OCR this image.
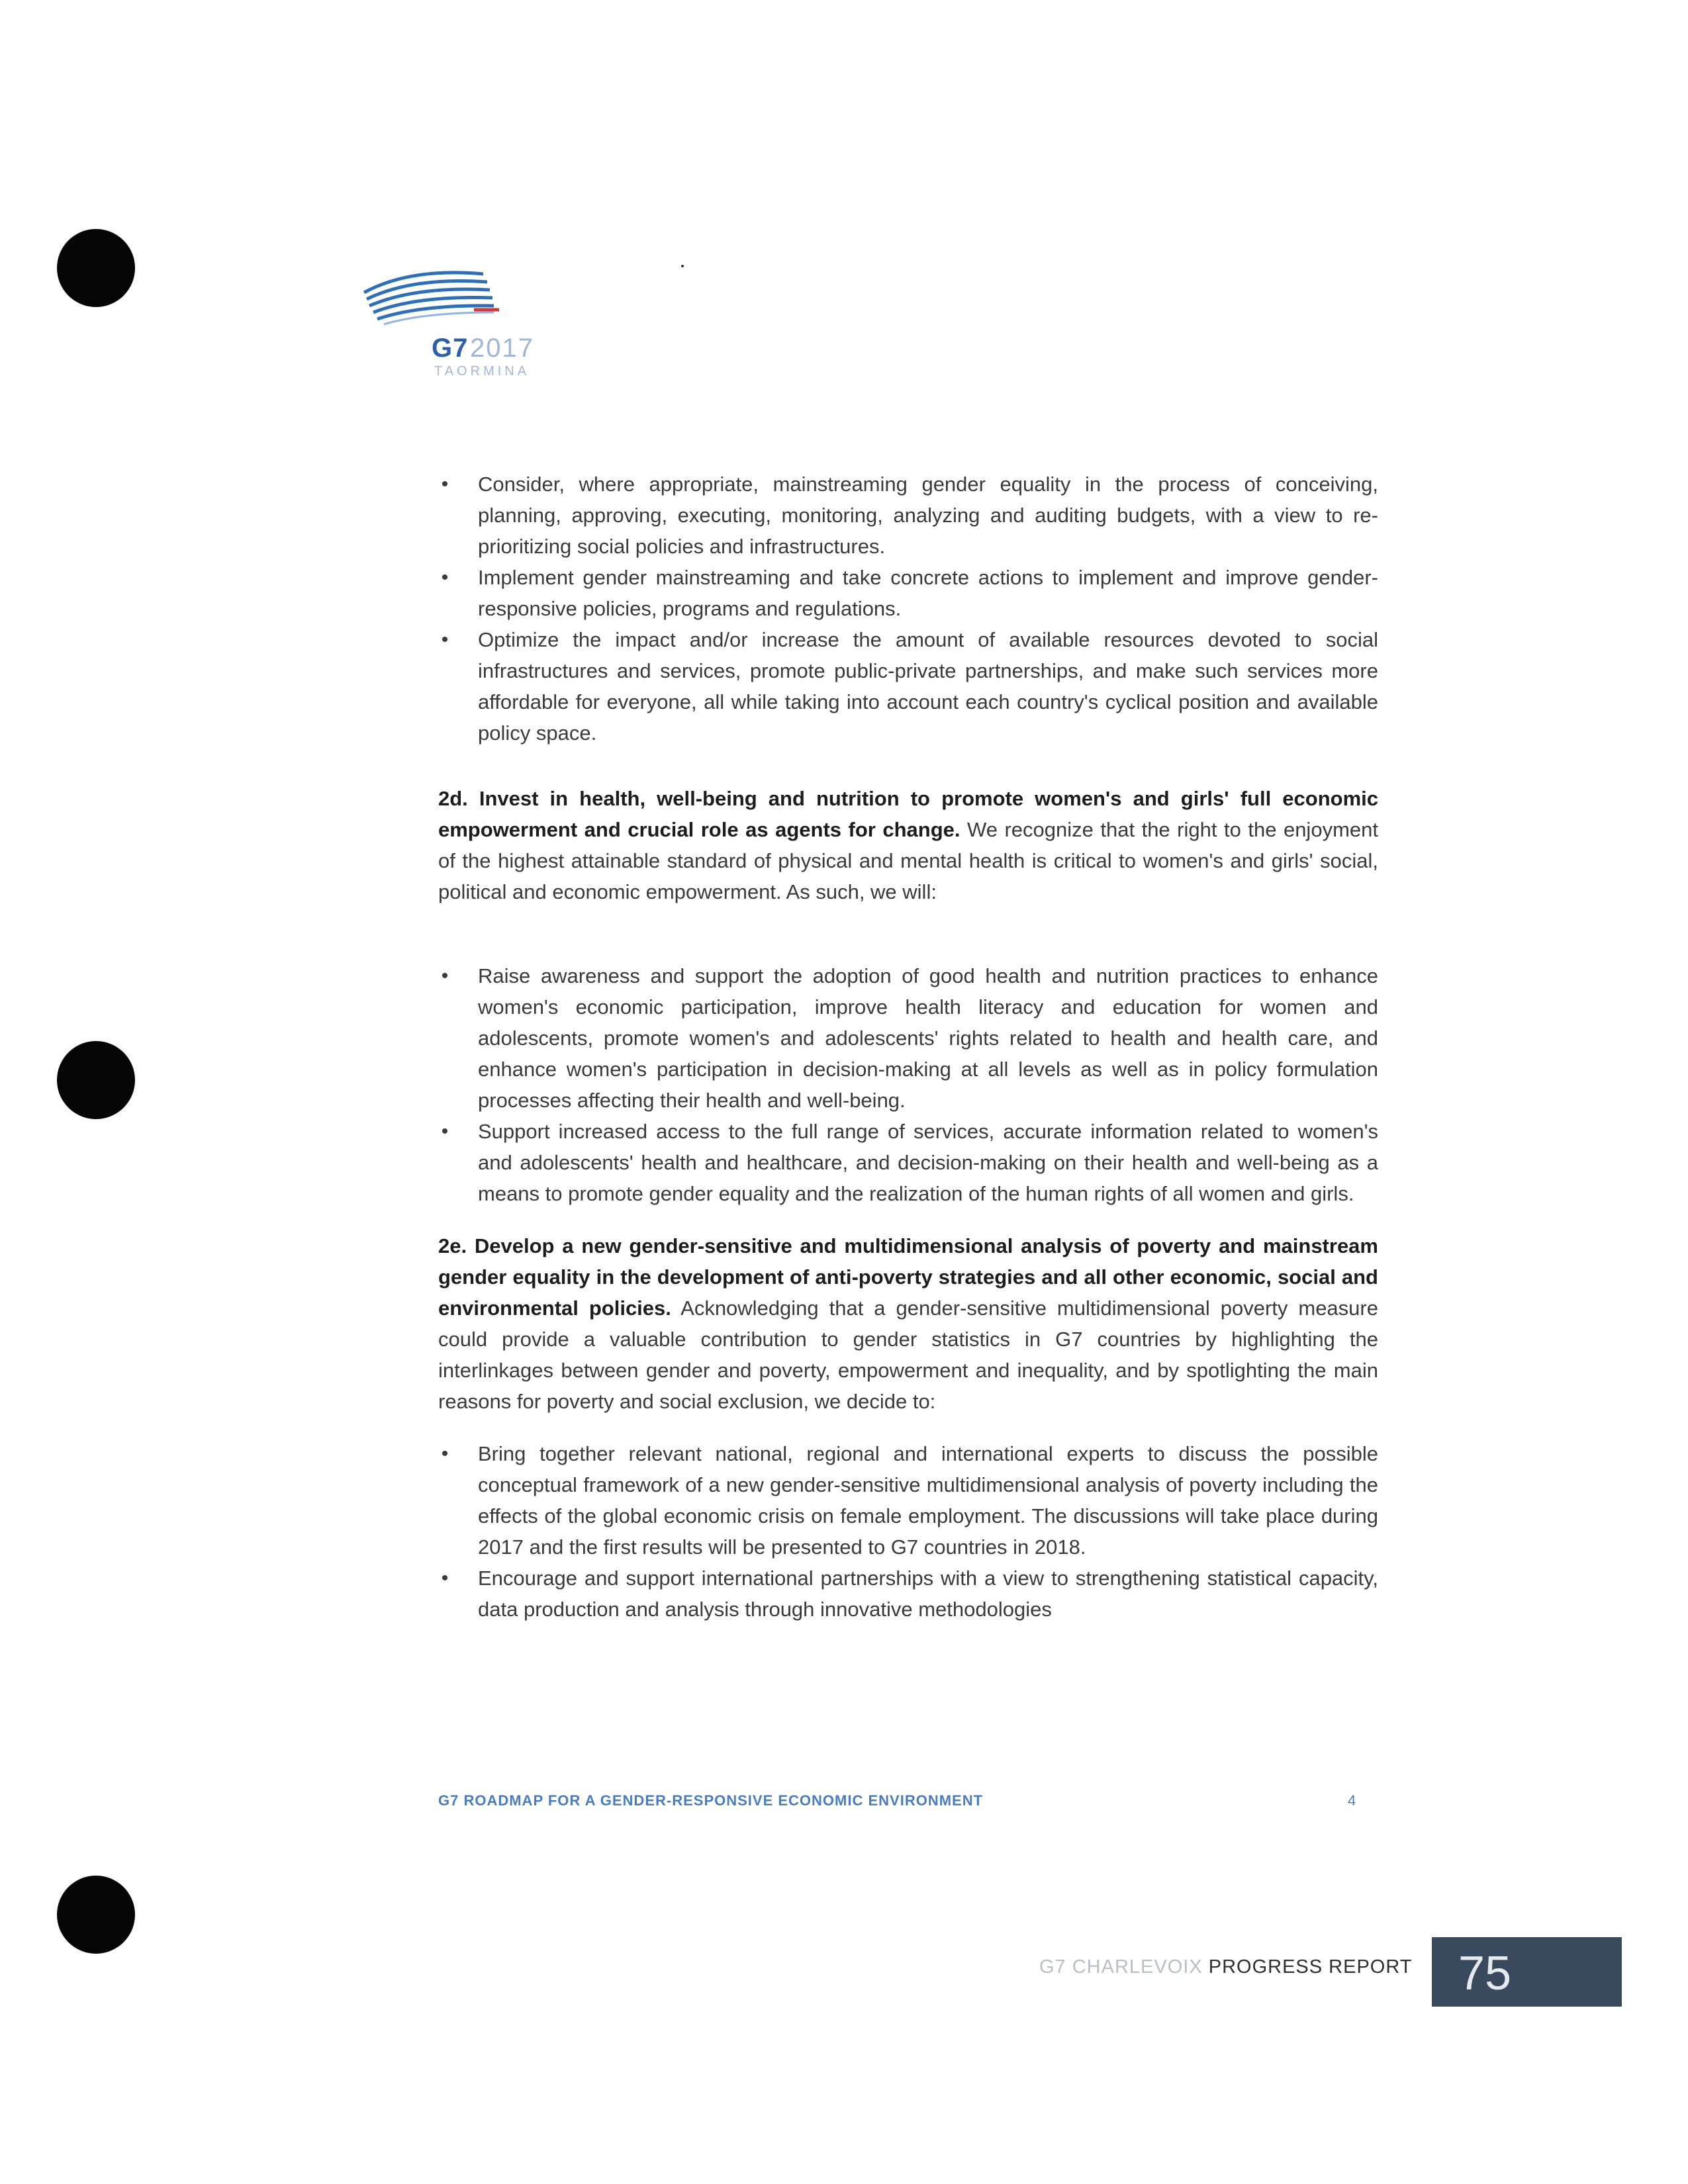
G7 2017
TAORMINA
• Consider, where appropriate, mainstreaming gender equality in the process of conceiving, planning, approving, executing, monitoring, analyzing and auditing budgets, with a view to re-prioritizing social policies and infrastructures.
• Implement gender mainstreaming and take concrete actions to implement and improve gender-responsive policies, programs and regulations.
• Optimize the impact and/or increase the amount of available resources devoted to social infrastructures and services, promote public-private partnerships, and make such services more affordable for everyone, all while taking into account each country's cyclical position and available policy space.

2d. Invest in health, well-being and nutrition to promote women's and girls' full economic empowerment and crucial role as agents for change. We recognize that the right to the enjoyment of the highest attainable standard of physical and mental health is critical to women's and girls' social, political and economic empowerment. As such, we will:

• Raise awareness and support the adoption of good health and nutrition practices to enhance women's economic participation, improve health literacy and education for women and adolescents, promote women's and adolescents' rights related to health and health care, and enhance women's participation in decision-making at all levels as well as in policy formulation processes affecting their health and well-being.
• Support increased access to the full range of services, accurate information related to women's and adolescents' health and healthcare, and decision-making on their health and well-being as a means to promote gender equality and the realization of the human rights of all women and girls.

2e. Develop a new gender-sensitive and multidimensional analysis of poverty and mainstream gender equality in the development of anti-poverty strategies and all other economic, social and environmental policies. Acknowledging that a gender-sensitive multidimensional poverty measure could provide a valuable contribution to gender statistics in G7 countries by highlighting the interlinkages between gender and poverty, empowerment and inequality, and by spotlighting the main reasons for poverty and social exclusion, we decide to:

• Bring together relevant national, regional and international experts to discuss the possible conceptual framework of a new gender-sensitive multidimensional analysis of poverty including the effects of the global economic crisis on female employment. The discussions will take place during 2017 and the first results will be presented to G7 countries in 2018.
• Encourage and support international partnerships with a view to strengthening statistical capacity, data production and analysis through innovative methodologies
G7 ROADMAP FOR A GENDER-RESPONSIVE ECONOMIC ENVIRONMENT	4
G7 CHARLEVOIX PROGRESS REPORT 75
